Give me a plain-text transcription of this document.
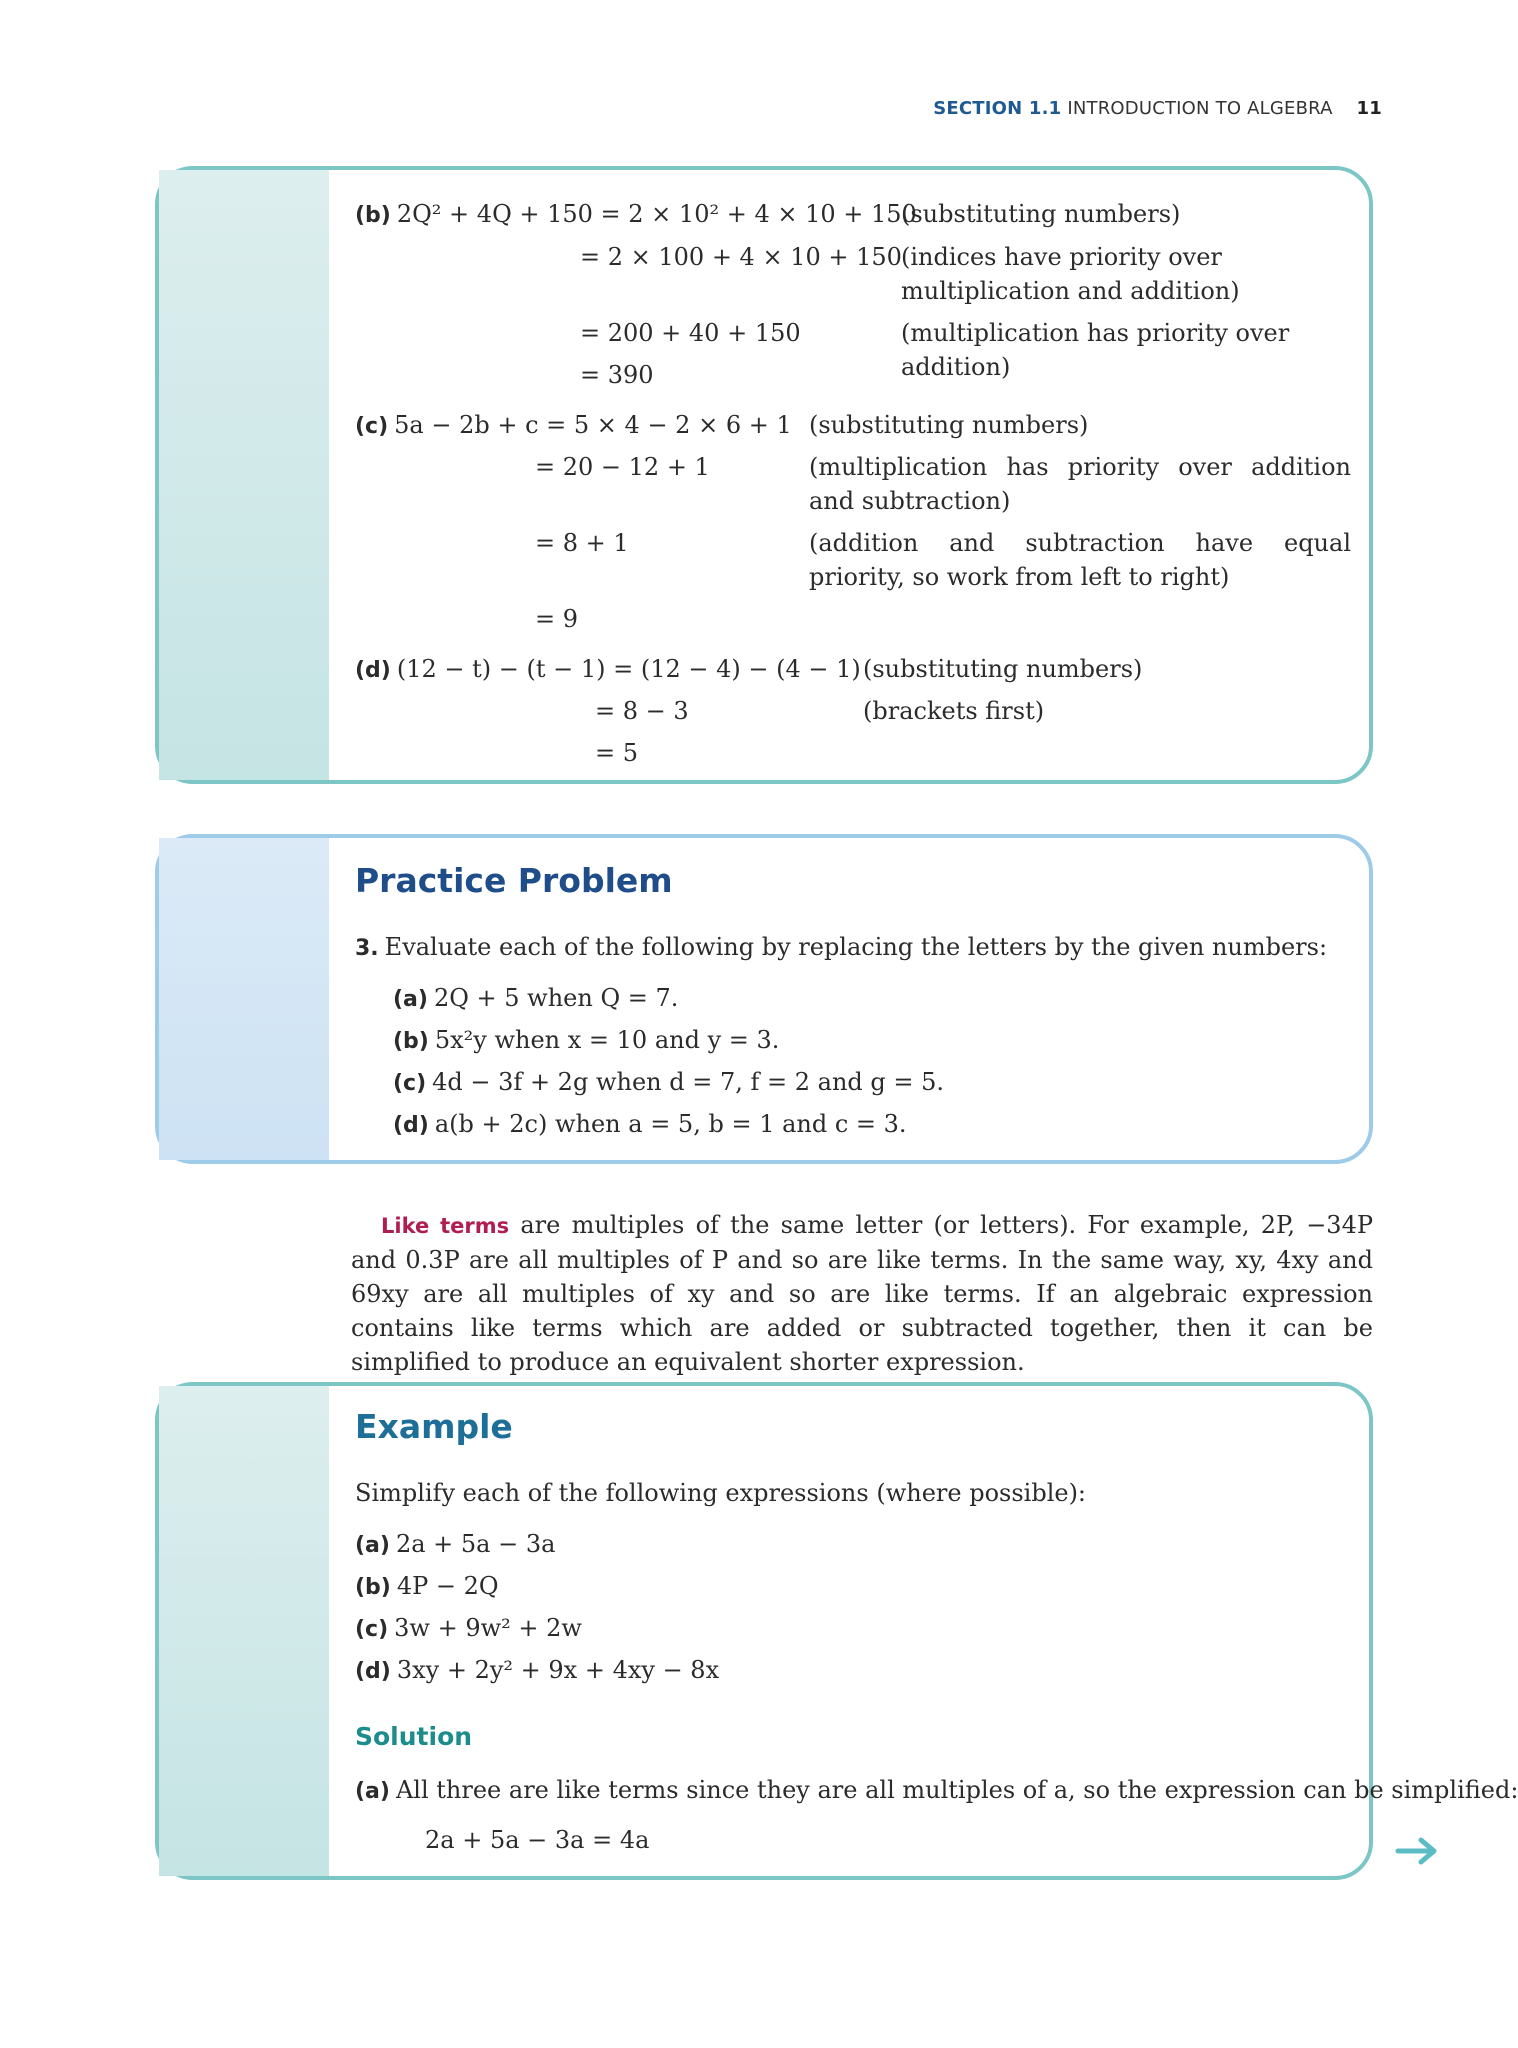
SECTION 1.1 INTRODUCTION TO ALGEBRA 11
(b) 2Q² + 4Q + 150 = 2 × 10² + 4 × 10 + 150
= 2 × 100 + 4 × 10 + 150
= 200 + 40 + 150
= 390
(substituting numbers)
(indices have priority over multiplication and addition)
(multiplication has priority over addition)
(c) 5a − 2b + c = 5 × 4 − 2 × 6 + 1
= 20 − 12 + 1
= 8 + 1
= 9
(substituting numbers)
(multiplication has priority over addition and subtraction)
(addition and subtraction have equal priority, so work from left to right)
(d) (12 − t) − (t − 1) = (12 − 4) − (4 − 1)
= 8 − 3
= 5
(substituting numbers)
(brackets first)
Practice Problem
3. Evaluate each of the following by replacing the letters by the given numbers:
(a) 2Q + 5 when Q = 7.
(b) 5x²y when x = 10 and y = 3.
(c) 4d − 3f + 2g when d = 7, f = 2 and g = 5.
(d) a(b + 2c) when a = 5, b = 1 and c = 3.
Like terms are multiples of the same letter (or letters). For example, 2P, −34P and 0.3P are all multiples of P and so are like terms. In the same way, xy, 4xy and 69xy are all multiples of xy and so are like terms. If an algebraic expression contains like terms which are added or subtracted together, then it can be simplified to produce an equivalent shorter expression.
Example
Simplify each of the following expressions (where possible):
(a) 2a + 5a − 3a
(b) 4P − 2Q
(c) 3w + 9w² + 2w
(d) 3xy + 2y² + 9x + 4xy − 8x
Solution
(a) All three are like terms since they are all multiples of a, so the expression can be simplified:
2a + 5a − 3a = 4a
